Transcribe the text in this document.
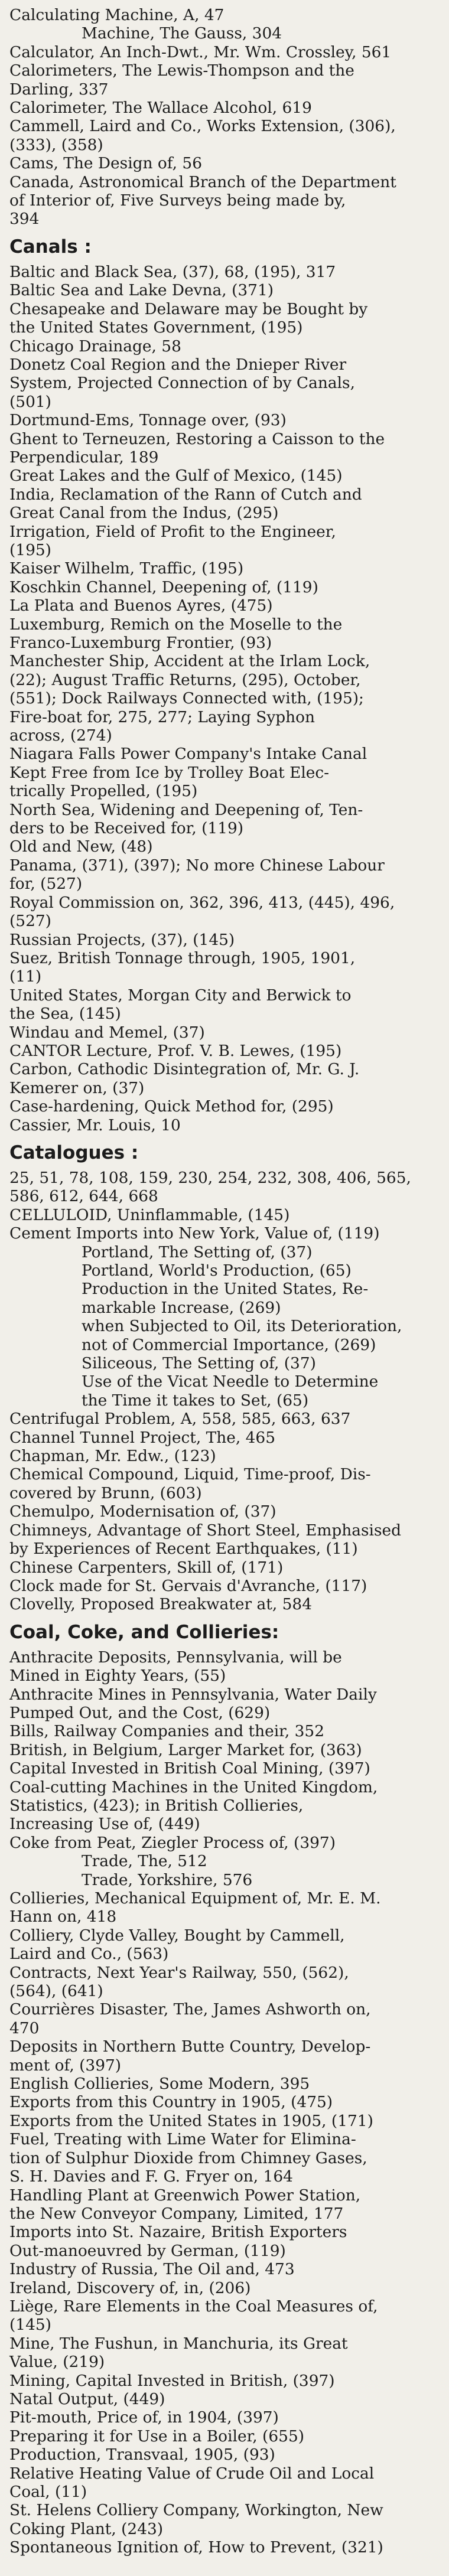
Calculating Machine, A, 47
Machine, The Gauss, 304
Calculator, An Inch-Dwt., Mr. Wm. Crossley, 561
Calorimeters, The Lewis-Thompson and the
Darling, 337
Calorimeter, The Wallace Alcohol, 619
Cammell, Laird and Co., Works Extension, (306),
(333), (358)
Cams, The Design of, 56
Canada, Astronomical Branch of the Department
of Interior of, Five Surveys being made by,
394
Canals :
Baltic and Black Sea, (37), 68, (195), 317
Baltic Sea and Lake Devna, (371)
Chesapeake and Delaware may be Bought by
the United States Government, (195)
Chicago Drainage, 58
Donetz Coal Region and the Dnieper River
System, Projected Connection of by Canals,
(501)
Dortmund-Ems, Tonnage over, (93)
Ghent to Terneuzen, Restoring a Caisson to the
Perpendicular, 189
Great Lakes and the Gulf of Mexico, (145)
India, Reclamation of the Rann of Cutch and
Great Canal from the Indus, (295)
Irrigation, Field of Profit to the Engineer,
(195)
Kaiser Wilhelm, Traffic, (195)
Koschkin Channel, Deepening of, (119)
La Plata and Buenos Ayres, (475)
Luxemburg, Remich on the Moselle to the
Franco-Luxemburg Frontier, (93)
Manchester Ship, Accident at the Irlam Lock,
(22); August Traffic Returns, (295), October,
(551); Dock Railways Connected with, (195);
Fire-boat for, 275, 277; Laying Syphon
across, (274)
Niagara Falls Power Company's Intake Canal
Kept Free from Ice by Trolley Boat Elec-
trically Propelled, (195)
North Sea, Widening and Deepening of, Ten-
ders to be Received for, (119)
Old and New, (48)
Panama, (371), (397); No more Chinese Labour
for, (527)
Royal Commission on, 362, 396, 413, (445), 496,
(527)
Russian Projects, (37), (145)
Suez, British Tonnage through, 1905, 1901,
(11)
United States, Morgan City and Berwick to
the Sea, (145)
Windau and Memel, (37)
CANTOR Lecture, Prof. V. B. Lewes, (195)
Carbon, Cathodic Disintegration of, Mr. G. J.
Kemerer on, (37)
Case-hardening, Quick Method for, (295)
Cassier, Mr. Louis, 10
Catalogues :
25, 51, 78, 108, 159, 230, 254, 232, 308, 406, 565,
586, 612, 644, 668
CELLULOID, Uninflammable, (145)
Cement Imports into New York, Value of, (119)
Portland, The Setting of, (37)
Portland, World's Production, (65)
Production in the United States, Re-
markable Increase, (269)
when Subjected to Oil, its Deterioration,
not of Commercial Importance, (269)
Siliceous, The Setting of, (37)
Use of the Vicat Needle to Determine
the Time it takes to Set, (65)
Centrifugal Problem, A, 558, 585, 663, 637
Channel Tunnel Project, The, 465
Chapman, Mr. Edw., (123)
Chemical Compound, Liquid, Time-proof, Dis-
covered by Brunn, (603)
Chemulpo, Modernisation of, (37)
Chimneys, Advantage of Short Steel, Emphasised
by Experiences of Recent Earthquakes, (11)
Chinese Carpenters, Skill of, (171)
Clock made for St. Gervais d'Avranche, (117)
Clovelly, Proposed Breakwater at, 584
Coal, Coke, and Collieries:
Anthracite Deposits, Pennsylvania, will be
Mined in Eighty Years, (55)
Anthracite Mines in Pennsylvania, Water Daily
Pumped Out, and the Cost, (629)
Bills, Railway Companies and their, 352
British, in Belgium, Larger Market for, (363)
Capital Invested in British Coal Mining, (397)
Coal-cutting Machines in the United Kingdom,
Statistics, (423); in British Collieries,
Increasing Use of, (449)
Coke from Peat, Ziegler Process of, (397)
Trade, The, 512
Trade, Yorkshire, 576
Collieries, Mechanical Equipment of, Mr. E. M.
Hann on, 418
Colliery, Clyde Valley, Bought by Cammell,
Laird and Co., (563)
Contracts, Next Year's Railway, 550, (562),
(564), (641)
Courrières Disaster, The, James Ashworth on,
470
Deposits in Northern Butte Country, Develop-
ment of, (397)
English Collieries, Some Modern, 395
Exports from this Country in 1905, (475)
Exports from the United States in 1905, (171)
Fuel, Treating with Lime Water for Elimina-
tion of Sulphur Dioxide from Chimney Gases,
S. H. Davies and F. G. Fryer on, 164
Handling Plant at Greenwich Power Station,
the New Conveyor Company, Limited, 177
Imports into St. Nazaire, British Exporters
Out-manoeuvred by German, (119)
Industry of Russia, The Oil and, 473
Ireland, Discovery of, in, (206)
Liège, Rare Elements in the Coal Measures of,
(145)
Mine, The Fushun, in Manchuria, its Great
Value, (219)
Mining, Capital Invested in British, (397)
Natal Output, (449)
Pit-mouth, Price of, in 1904, (397)
Preparing it for Use in a Boiler, (655)
Production, Transvaal, 1905, (93)
Relative Heating Value of Crude Oil and Local
Coal, (11)
St. Helens Colliery Company, Workington, New
Coking Plant, (243)
Spontaneous Ignition of, How to Prevent, (321)
